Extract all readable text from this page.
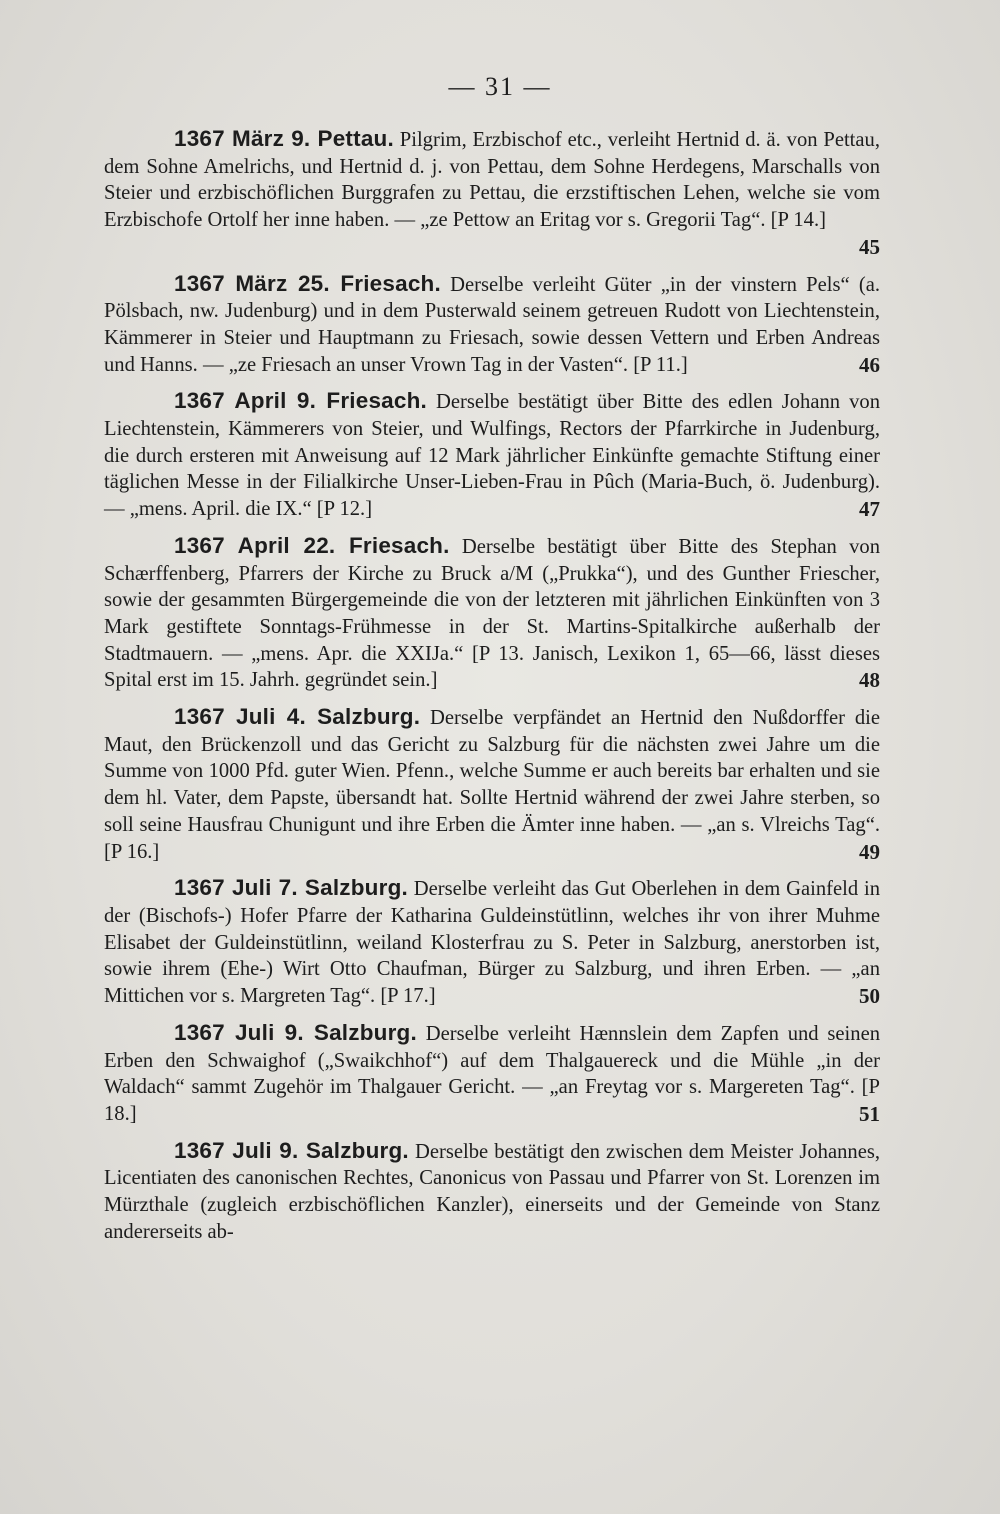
— 31 —

1367 März 9. Pettau. Pilgrim, Erzbischof etc., verleiht Hertnid d. ä. von Pettau, dem Sohne Amelrichs, und Hertnid d. j. von Pettau, dem Sohne Herdegens, Marschalls von Steier und erzbischöflichen Burggrafen zu Pettau, die erzstiftischen Lehen, welche sie vom Erzbischofe Ortolf her inne haben. — „ze Pettow an Eritag vor s. Gregorii Tag“. [P 14.]
45

1367 März 25. Friesach. Derselbe verleiht Güter „in der vinstern Pels“ (a. Pölsbach, nw. Judenburg) und in dem Pusterwald seinem getreuen Rudott von Liechtenstein, Kämmerer in Steier und Hauptmann zu Friesach, sowie dessen Vettern und Erben Andreas und Hanns. — „ze Friesach an unser Vrown Tag in der Vasten“. [P 11.]	46

1367 April 9. Friesach. Derselbe bestätigt über Bitte des edlen Johann von Liechtenstein, Kämmerers von Steier, und Wulfings, Rectors der Pfarrkirche in Judenburg, die durch ersteren mit Anweisung auf 12 Mark jährlicher Einkünfte gemachte Stiftung einer täglichen Messe in der Filialkirche Unser-Lieben-Frau in Pûch (Maria-Buch, ö. Judenburg). — „mens. April. die IX.“ [P 12.]	47

1367 April 22. Friesach. Derselbe bestätigt über Bitte des Stephan von Schærffenberg, Pfarrers der Kirche zu Bruck a/M („Prukka“), und des Gunther Friescher, sowie der gesammten Bürgergemeinde die von der letzteren mit jährlichen Einkünften von 3 Mark gestiftete Sonntags-Frühmesse in der St. Martins-Spitalkirche außerhalb der Stadtmauern. — „mens. Apr. die XXIJa.“ [P 13. Janisch, Lexikon 1, 65—66, lässt dieses Spital erst im 15. Jahrh. gegründet sein.]	48

1367 Juli 4. Salzburg. Derselbe verpfändet an Hertnid den Nußdorffer die Maut, den Brückenzoll und das Gericht zu Salzburg für die nächsten zwei Jahre um die Summe von 1000 Pfd. guter Wien. Pfenn., welche Summe er auch bereits bar erhalten und sie dem hl. Vater, dem Papste, übersandt hat. Sollte Hertnid während der zwei Jahre sterben, so soll seine Hausfrau Chunigunt und ihre Erben die Ämter inne haben. — „an s. Vlreichs Tag“. [P 16.]	49

1367 Juli 7. Salzburg. Derselbe verleiht das Gut Oberlehen in dem Gainfeld in der (Bischofs-) Hofer Pfarre der Katharina Guldeinstütlinn, welches ihr von ihrer Muhme Elisabet der Guldeinstütlinn, weiland Klosterfrau zu S. Peter in Salzburg, anerstorben ist, sowie ihrem (Ehe-) Wirt Otto Chaufman, Bürger zu Salzburg, und ihren Erben. — „an Mittichen vor s. Margreten Tag“. [P 17.]	50

1367 Juli 9. Salzburg. Derselbe verleiht Hænnslein dem Zapfen und seinen Erben den Schwaighof („Swaikchhof“) auf dem Thalgauereck und die Mühle „in der Waldach“ sammt Zugehör im Thalgauer Gericht. — „an Freytag vor s. Margereten Tag“. [P 18.]	51

1367 Juli 9. Salzburg. Derselbe bestätigt den zwischen dem Meister Johannes, Licentiaten des canonischen Rechtes, Canonicus von Passau und Pfarrer von St. Lorenzen im Mürzthale (zugleich erzbischöflichen Kanzler), einerseits und der Gemeinde von Stanz andererseits ab-
